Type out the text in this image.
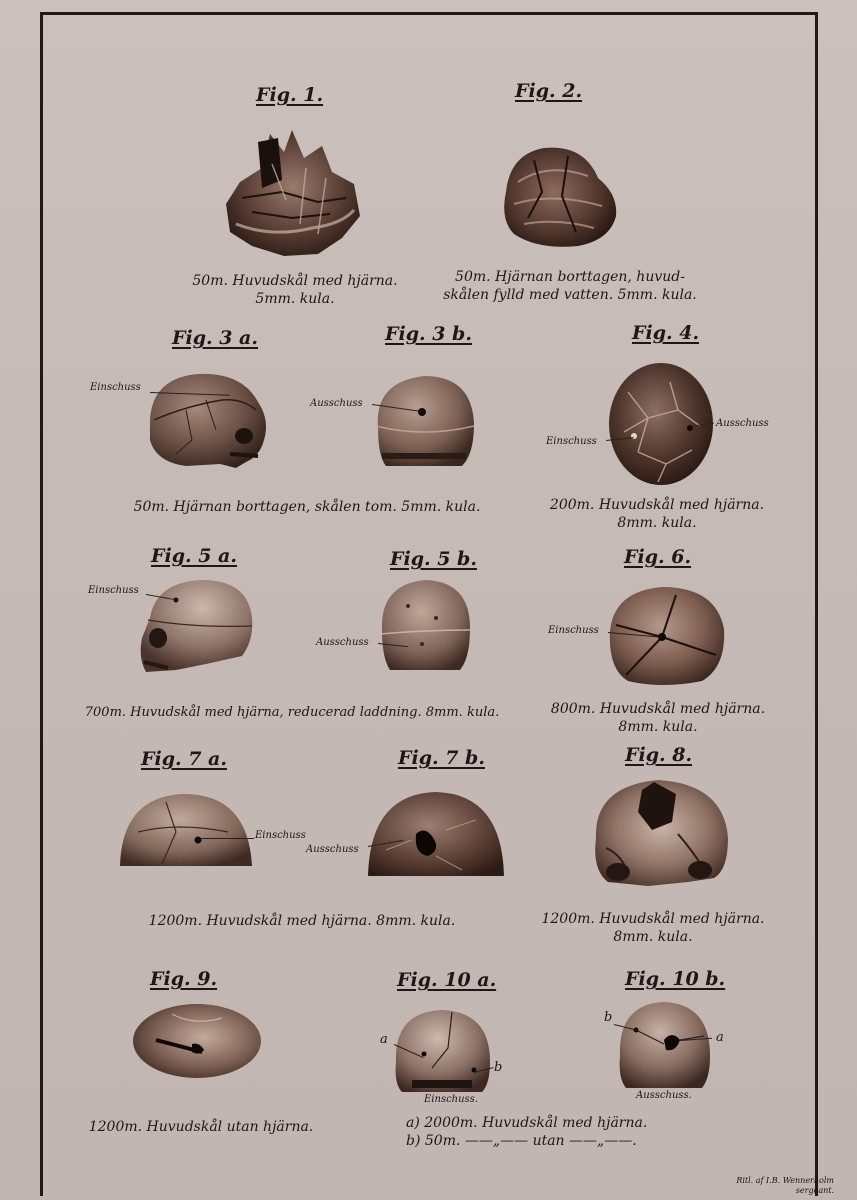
Fig. 1.	Fig. 2.
Fig. 3 a.	Fig. 3 b.	Fig. 4.
Fig. 5 a.	Fig. 5 b.	Fig. 6.
Fig. 7 a.	Fig. 7 b.	Fig. 8.
Fig. 9.	Fig. 10 a.	Fig. 10 b.
Einschuss
Ausschuss
Einschuss
Ausschuss
Einschuss
Ausschuss
Einschuss
Einschuss
Ausschuss
a
b
Einschuss.
b
a
Ausschuss.
50m. Huvudskål med hjärna.
5mm. kula.
50m. Hjärnan borttagen, huvud-
skålen fylld med vatten. 5mm. kula.
50m. Hjärnan borttagen, skålen tom. 5mm. kula.	200m. Huvudskål med hjärna.
8mm. kula.
700m. Huvudskål med hjärna, reducerad laddning. 8mm. kula.	800m. Huvudskål med hjärna.
8mm. kula.
1200m. Huvudskål med hjärna. 8mm. kula.	1200m. Huvudskål med hjärna.
8mm. kula.
1200m. Huvudskål utan hjärna.	a) 2000m. Huvudskål med hjärna.
b) 50m. ——„—— utan ——„——.
Ritl. af I.B. Wennerholm
sergeant.
